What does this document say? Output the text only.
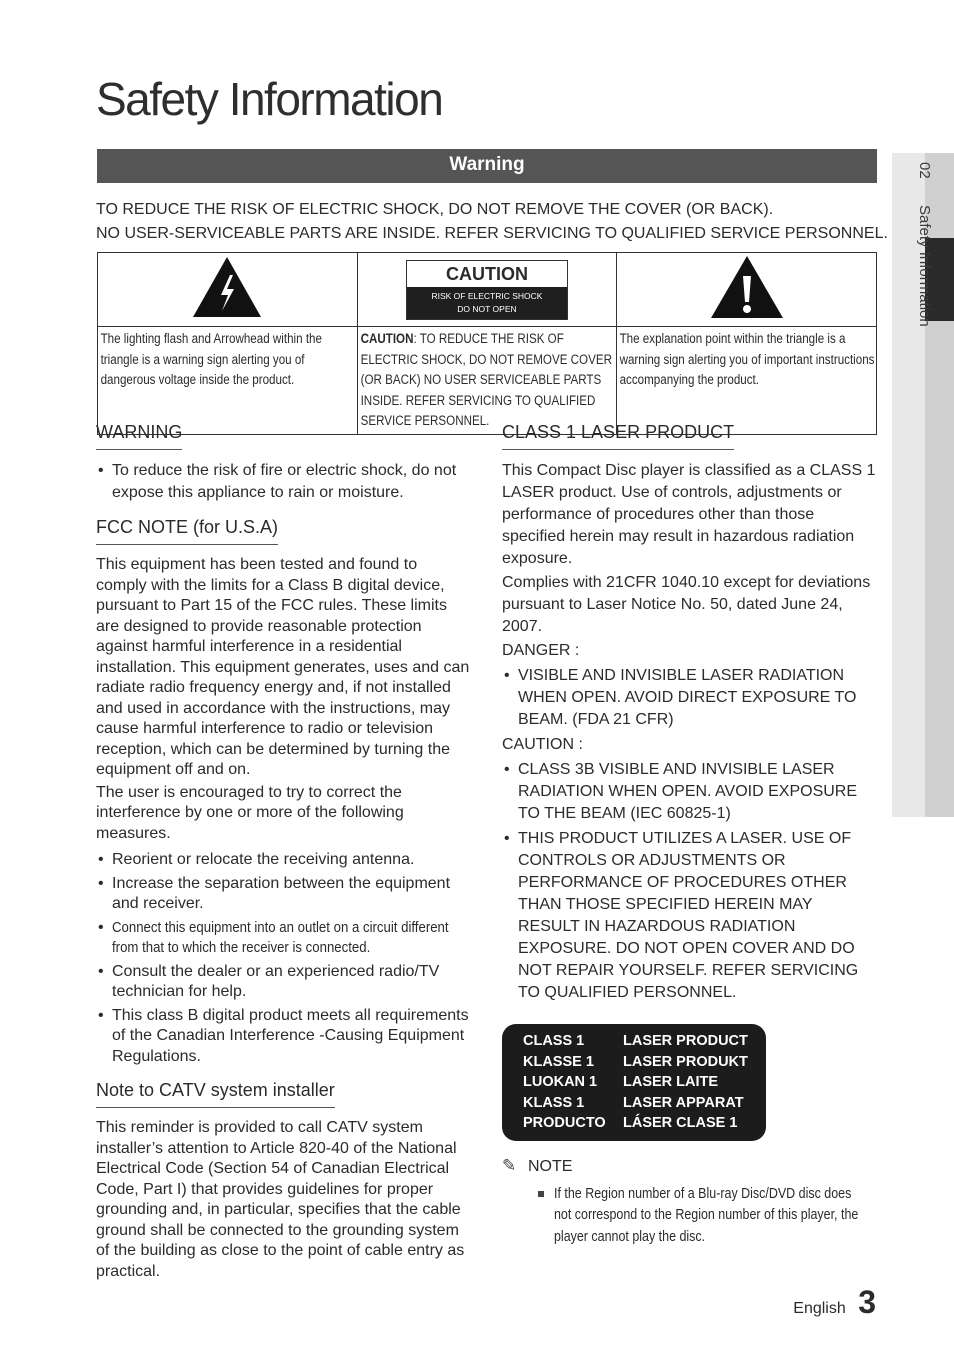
Safety Information
Warning
TO REDUCE THE RISK OF ELECTRIC SHOCK, DO NOT REMOVE THE COVER (OR BACK).
NO USER-SERVICEABLE PARTS ARE INSIDE. REFER SERVICING TO QUALIFIED SERVICE PERSONNEL.

CAUTION
RISK OF ELECTRIC SHOCK
DO NOT OPEN

The lighting flash and Arrowhead within the triangle is a warning sign alerting you of dangerous voltage inside the product.	CAUTION: TO REDUCE THE RISK OF ELECTRIC SHOCK, DO NOT REMOVE COVER (OR BACK) NO USER SERVICEABLE PARTS INSIDE. REFER SERVICING TO QUALIFIED SERVICE PERSONNEL.	The explanation point within the triangle is a warning sign alerting you of important instructions accompanying the product.
WARNING
• To reduce the risk of fire or electric shock, do not expose this appliance to rain or moisture.
FCC NOTE (for U.S.A)

This equipment has been tested and found to comply with the limits for a Class B digital device, pursuant to Part 15 of the FCC rules. These limits are designed to provide reasonable protection against harmful interference in a residential installation. This equipment generates, uses and can radiate radio frequency energy and, if not installed and used in accordance with the instructions, may cause harmful interference to radio or television reception, which can be determined by turning the equipment off and on.

The user is encouraged to try to correct the interference by one or more of the following measures.

• Reorient or relocate the receiving antenna.
• Increase the separation between the equipment and receiver.
• Connect this equipment into an outlet on a circuit different from that to which the receiver is connected.
• Consult the dealer or an experienced radio/TV technician for help.
• This class B digital product meets all requirements of the Canadian Interference -Causing Equipment Regulations.
Note to CATV system installer

This reminder is provided to call CATV system installer’s attention to Article 820-40 of the National Electrical Code (Section 54 of Canadian Electrical Code, Part I) that provides guidelines for proper grounding and, in particular, specifies that the cable ground shall be connected to the grounding system of the building as close to the point of cable entry as practical.

CLASS 1 LASER PRODUCT

This Compact Disc player is classified as a CLASS 1 LASER product. Use of controls, adjustments or performance of procedures other than those specified herein may result in hazardous radiation exposure.

Complies with 21CFR 1040.10 except for deviations pursuant to Laser Notice No. 50, dated June 24, 2007.

DANGER :
• VISIBLE AND INVISIBLE LASER RADIATION WHEN OPEN. AVOID DIRECT EXPOSURE TO BEAM. (FDA 21 CFR)
CAUTION :
• CLASS 3B VISIBLE AND INVISIBLE LASER RADIATION WHEN OPEN. AVOID EXPOSURE TO THE BEAM (IEC 60825-1)
• THIS PRODUCT UTILIZES A LASER. USE OF CONTROLS OR ADJUSTMENTS OR PERFORMANCE OF PROCEDURES OTHER THAN THOSE SPECIFIED HEREIN MAY RESULT IN HAZARDOUS RADIATION EXPOSURE. DO NOT OPEN COVER AND DO NOT REPAIR YOURSELF. REFER SERVICING TO QUALIFIED PERSONNEL.
CLASS 1	LASER PRODUCT
KLASSE 1	LASER PRODUKT
LUOKAN 1	LASER LAITE
KLASS 1	LASER APPARAT
PRODUCTO	LÁSER CLASE 1
✎ NOTE
If the Region number of a Blu-ray Disc/DVD disc does not correspond to the Region number of this player, the player cannot play the disc.
02 Safety Information
English 3
